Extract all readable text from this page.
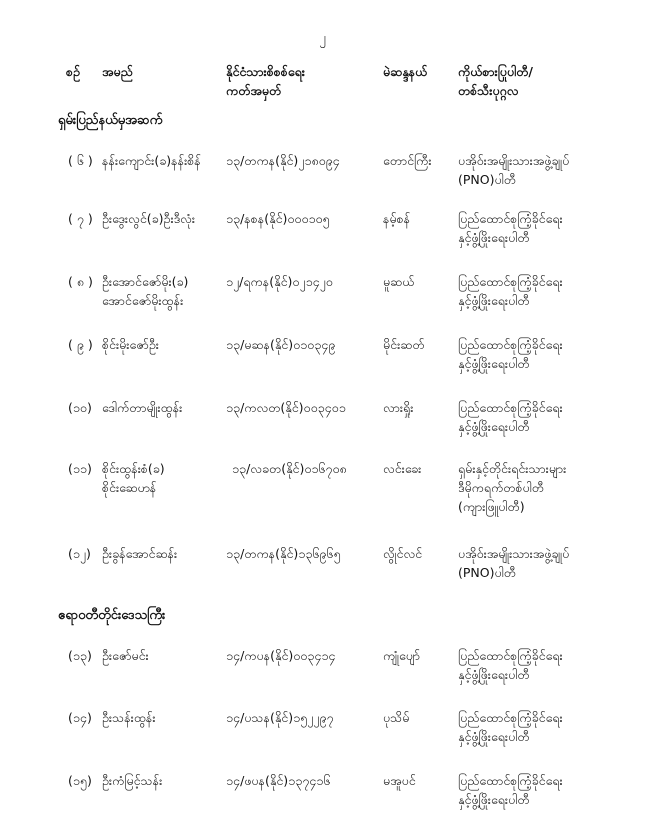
၂
စဉ်	အမည်	နိုင်ငံသားစိစစ်ရေး
ကတ်အမှတ်
မဲဆန္ဒနယ်	ကိုယ်စားပြုပါတီ/
တစ်သီးပုဂ္ဂလ
ရှမ်းပြည်နယ်မှအဆက်
( ၆ ) နန်းကျောင်း(ခ)နန်းစိန်	၁၃/တကန(နိုင်)၂၁၈၀၉၄	တောင်ကြီး	ပအိုဝ်းအမျိုးသားအဖွဲ့ချုပ်
(PNO)ပါတီ
( ၇ ) ဦးဒွေးလွင်(ခ)ဦးဒီလုံး	၁၃/နစန(နိုင်)၀၀၀၁၀၅	နမ့်စန်	ပြည်ထောင်စုကြံ့ခိုင်ရေး
နှင့်ဖွံ့ဖြိုးရေးပါတီ
( ၈ ) ဦးအောင်ဇော်မိုး(ခ)
အောင်ဇော်မိုးထွန်း
၁၂/ရကန(နိုင်)၀၂၁၄၂၀	မူဆယ်	ပြည်ထောင်စုကြံ့ခိုင်ရေး
နှင့်ဖွံ့ဖြိုးရေးပါတီ
( ၉ ) စိုင်းမိုးဇော်ဦး	၁၃/မဆန(နိုင်)၀၁၀၃၄၉	မိုင်းဆတ်	ပြည်ထောင်စုကြံ့ခိုင်ရေး
နှင့်ဖွံ့ဖြိုးရေးပါတီ
(၁၀) ဒေါက်တာမျိုးထွန်း	၁၃/ကလတ(နိုင်)၀၀၃၄၀၁	လားရှိုး	ပြည်ထောင်စုကြံ့ခိုင်ရေး
နှင့်ဖွံ့ဖြိုးရေးပါတီ
(၁၁) စိုင်းထွန်းစံ(ခ)
စိုင်းဆေဟန်
၁၃/လခတ(နိုင်)၀၁၆၇၀၈	လင်းခေး	ရှမ်းနှင့်တိုင်းရင်းသားများ
ဒီမိုကရက်တစ်ပါတီ
(ကျားဖြူပါတီ)
(၁၂) ဦးခွန်အောင်ဆန်း	၁၃/တကန(နိုင်)၁၃၆၉၆၅	လွိုင်လင်	ပအိုဝ်းအမျိုးသားအဖွဲ့ချုပ်
(PNO)ပါတီ
ဧရာဝတီတိုင်းဒေသကြီး
(၁၃) ဦးဇော်မင်း	၁၄/ကပန(နိုင်)၀၀၃၄၁၄	ကျုံပျော်	ပြည်ထောင်စုကြံ့ခိုင်ရေး
နှင့်ဖွံ့ဖြိုးရေးပါတီ
(၁၄) ဦးသန်းထွန်း	၁၄/ပသန(နိုင်)၁၅၂၂၉၇	ပုသိမ်	ပြည်ထောင်စုကြံ့ခိုင်ရေး
နှင့်ဖွံ့ဖြိုးရေးပါတီ
(၁၅) ဦးကံမြင့်သန်း	၁၄/ဖပန(နိုင်)၁၃၇၄၁၆	မအူပင်	ပြည်ထောင်စုကြံ့ခိုင်ရေး
နှင့်ဖွံ့ဖြိုးရေးပါတီ
